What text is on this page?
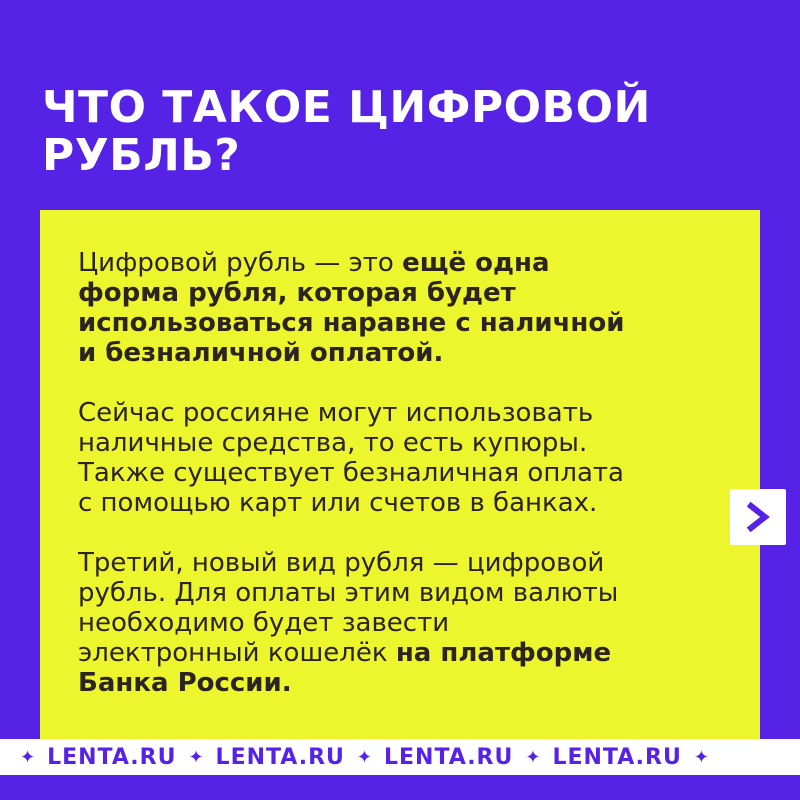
ЧТО ТАКОЕ ЦИФРОВОЙ
РУБЛЬ?
Цифровой рубль — это ещё одна
форма рубля, которая будет
использоваться наравне с наличной
и безналичной оплатой.
Сейчас россияне могут использовать
наличные средства, то есть купюры.
Также существует безналичная оплата
с помощью карт или счетов в банках.
Третий, новый вид рубля — цифровой
рубль. Для оплаты этим видом валюты
необходимо будет завести
электронный кошелёк на платформе
Банка России.
✦ LENTA.RU ✦ LENTA.RU ✦ LENTA.RU ✦ LENTA.RU ✦
